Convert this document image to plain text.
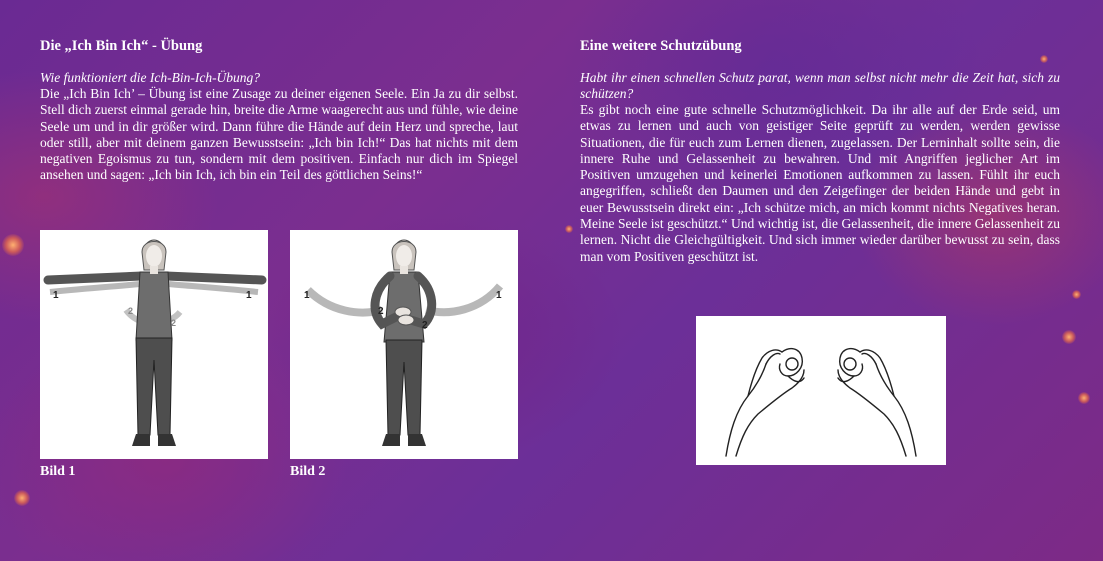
Die „Ich Bin Ich“ - Übung
Wie funktioniert die Ich-Bin-Ich-Übung?
Die „Ich Bin Ich’ – Übung ist eine Zusage zu deiner eigenen Seele. Ein Ja zu dir selbst. Stell dich zuerst einmal gerade hin, breite die Arme waagerecht aus und fühle, wie deine Seele um und in dir größer wird. Dann führe die Hände auf dein Herz und spreche, laut oder still, aber mit deinem ganzen Bewusstsein: „Ich bin Ich!“ Das hat nichts mit dem negativen Egoismus zu tun, sondern mit dem positiven. Einfach nur dich im Spiegel ansehen und sagen: „Ich bin Ich, ich bin ein Teil des göttlichen Seins!“
1	1
2
2
Bild 1
1	1
2
2
Bild 2
Eine weitere Schutzübung
Habt ihr einen schnellen Schutz parat, wenn man selbst nicht mehr die Zeit hat, sich zu schützen?
Es gibt noch eine gute schnelle Schutzmöglichkeit. Da ihr alle auf der Erde seid, um etwas zu lernen und auch von geistiger Seite geprüft zu werden, werden gewisse Situationen, die für euch zum Lernen dienen, zugelassen. Der Lerninhalt sollte sein, die innere Ruhe und Gelassenheit zu bewahren. Und mit Angriffen jeglicher Art im Positiven umzugehen und keinerlei Emotionen aufkommen zu lassen. Fühlt ihr euch angegriffen, schließt den Daumen und den Zeigefinger der beiden Hände und gebt in euer Bewusstsein direkt ein: „Ich schütze mich, an mich kommt nichts Negatives heran. Meine Seele ist geschützt.“ Und wichtig ist, die Gelassenheit, die innere Gelassenheit zu lernen. Nicht die Gleichgültigkeit. Und sich immer wieder darüber bewusst zu sein, dass man vom Positiven geschützt ist.
